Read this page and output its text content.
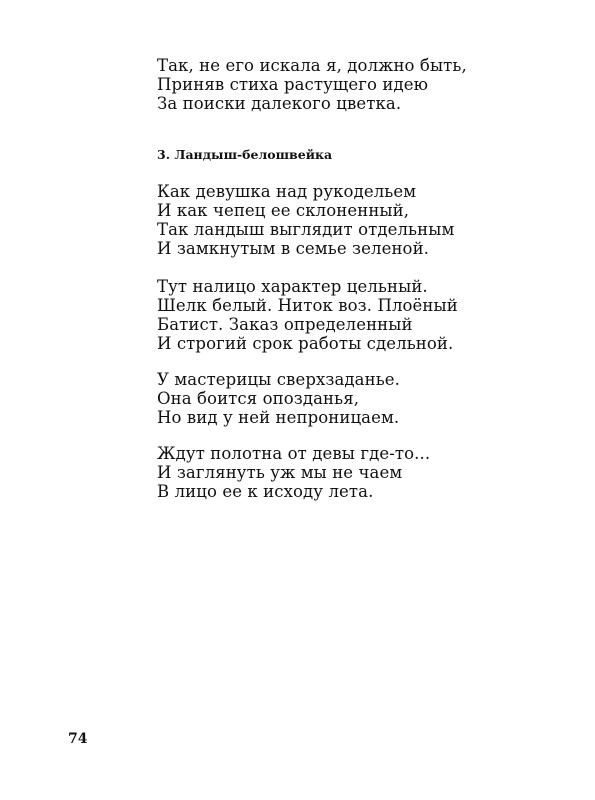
Так, не его искала я, должно быть,
Приняв стиха растущего идею
За поиски далекого цветка.
3. Ландыш-белошвейка
Как девушка над рукодельем
И как чепец ее склоненный,
Так ландыш выглядит отдельным
И замкнутым в семье зеленой.
Тут налицо характер цельный.
Шелк белый. Ниток воз. Плоёный
Батист. Заказ определенный
И строгий срок работы сдельной.
У мастерицы сверхзаданье.
Она боится опозданья,
Но вид у ней непроницаем.
Ждут полотна от девы где-то...
И заглянуть уж мы не чаем
В лицо ее к исходу лета.
74
